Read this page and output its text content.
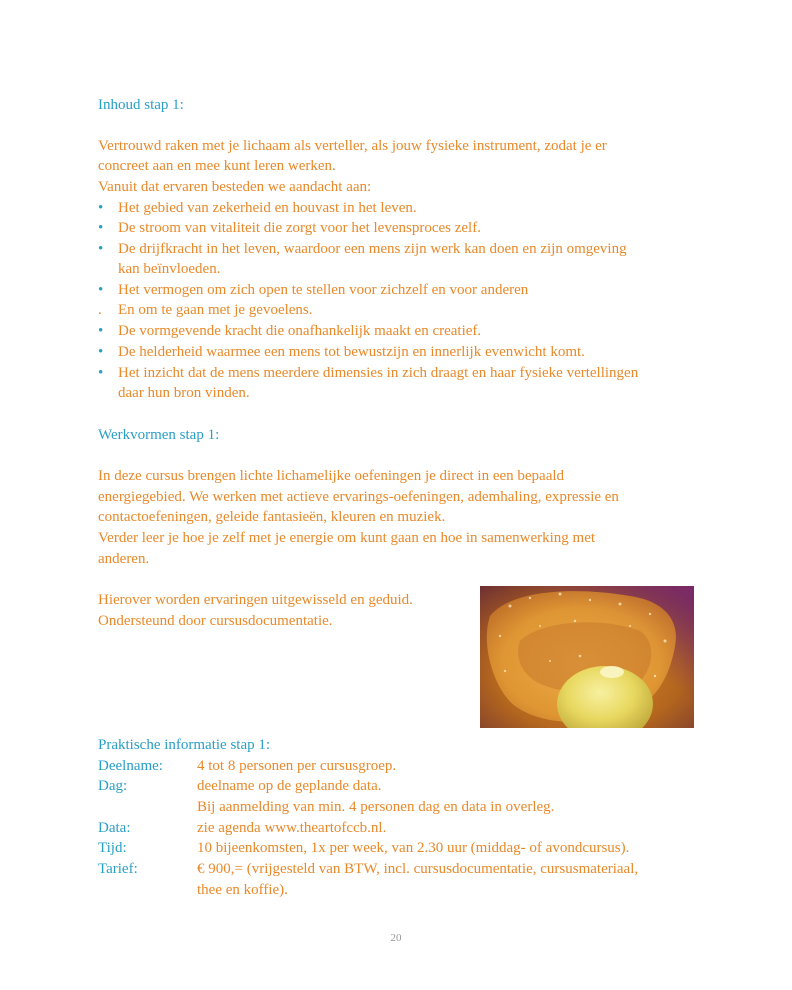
Inhoud stap 1:
Vertrouwd raken met je lichaam als verteller, als jouw fysieke instrument, zodat je er
concreet aan en mee kunt leren werken.
Vanuit dat ervaren besteden we aandacht aan:
• Het gebied van zekerheid en houvast in het leven.
• De stroom van vitaliteit die zorgt voor het levensproces zelf.
• De drijfkracht in het leven, waardoor een mens zijn werk kan doen en zijn omgeving
kan beïnvloeden.
• Het vermogen om zich open te stellen voor zichzelf en voor anderen
. En om te gaan met je gevoelens.
• De vormgevende kracht die onafhankelijk maakt en creatief.
• De helderheid waarmee een mens tot bewustzijn en innerlijk evenwicht komt.
• Het inzicht dat de mens meerdere dimensies in zich draagt en haar fysieke vertellingen
daar hun bron vinden.
Werkvormen stap 1:
In deze cursus brengen lichte lichamelijke oefeningen je direct in een bepaald
energiegebied. We werken met actieve ervarings-oefeningen, ademhaling, expressie en
contactoefeningen, geleide fantasieën, kleuren en muziek.
Verder leer je hoe je zelf met je energie om kunt gaan en hoe in samenwerking met
anderen.
Hierover worden ervaringen uitgewisseld en geduid.
Ondersteund door cursusdocumentatie.
Praktische informatie stap 1:
Deelname: 4 tot 8 personen per cursusgroep.
Dag:	deelname op de geplande data.
Bij aanmelding van min. 4 personen dag en data in overleg.
Data:	zie agenda www.theartofccb.nl.
Tijd:	10 bijeenkomsten, 1x per week, van 2.30 uur (middag- of avondcursus).
Tarief:	€ 900,= (vrijgesteld van BTW, incl. cursusdocumentatie, cursusmateriaal,
thee en koffie).
20
